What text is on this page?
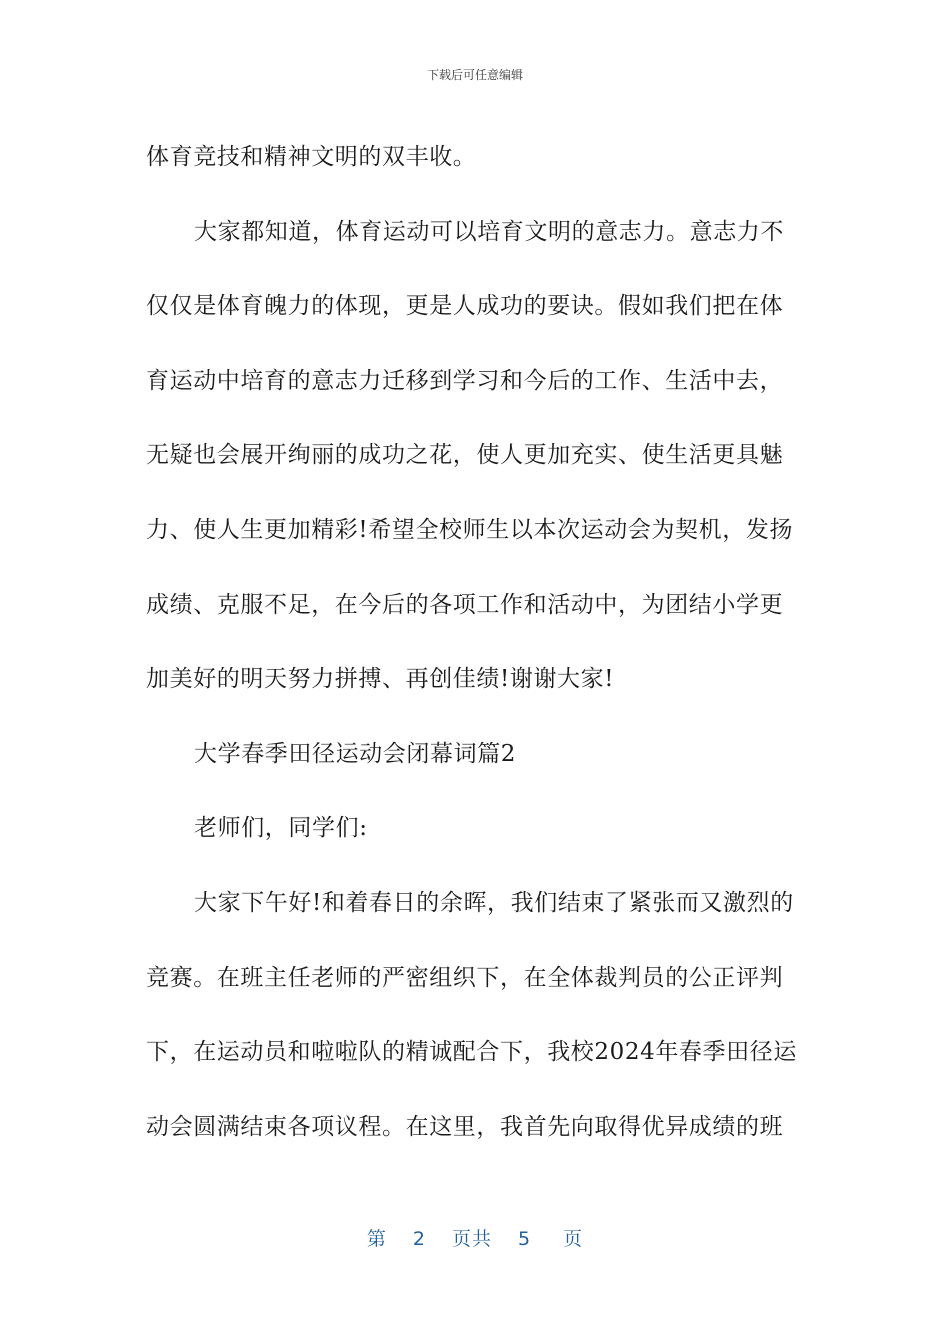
下载后可任意编辑

体育竞技和精神文明的双丰收。

大家都知道，体育运动可以培育文明的意志力。意志力不仅仅是体育魄力的体现，更是人成功的要诀。假如我们把在体育运动中培育的意志力迁移到学习和今后的工作、生活中去，无疑也会展开绚丽的成功之花，使人更加充实、使生活更具魅力、使人生更加精彩!希望全校师生以本次运动会为契机，发扬成绩、克服不足，在今后的各项工作和活动中，为团结小学更加美好的明天努力拼搏、再创佳绩!谢谢大家!

大学春季田径运动会闭幕词篇2

老师们，同学们:

大家下午好!和着春日的余晖，我们结束了紧张而又激烈的竞赛。在班主任老师的严密组织下，在全体裁判员的公正评判下，在运动员和啦啦队的精诚配合下，我校2024年春季田径运动会圆满结束各项议程。在这里，我首先向取得优异成绩的班

第 2 页共 5 页
